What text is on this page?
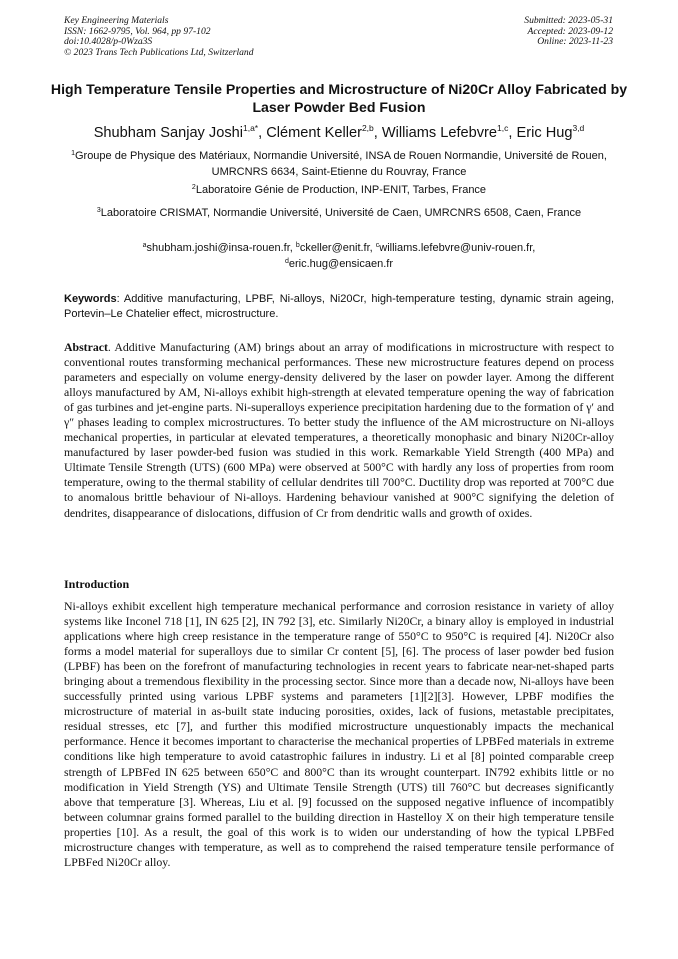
Key Engineering Materials
ISSN: 1662-9795, Vol. 964, pp 97-102
doi:10.4028/p-0Wza3S
© 2023 Trans Tech Publications Ltd, Switzerland
Submitted: 2023-05-31
Accepted: 2023-09-12
Online: 2023-11-23
High Temperature Tensile Properties and Microstructure of Ni20Cr Alloy Fabricated by Laser Powder Bed Fusion
Shubham Sanjay Joshi$^{1,a*}$, Clément Keller$^{2,b}$, Williams Lefebvre$^{1,c}$, Eric Hug$^{3,d}$
$^1$Groupe de Physique des Matériaux, Normandie Université, INSA de Rouen Normandie, Université de Rouen, UMRCNRS 6634, Saint-Etienne du Rouvray, France
$^2$Laboratoire Génie de Production, INP-ENIT, Tarbes, France
$^3$Laboratoire CRISMAT, Normandie Université, Université de Caen, UMRCNRS 6508, Caen, France
$^a$shubham.joshi@insa-rouen.fr, $^b$ckeller@enit.fr, $^c$williams.lefebvre@univ-rouen.fr,
$^d$eric.hug@ensicaen.fr
Keywords: Additive manufacturing, LPBF, Ni-alloys, Ni20Cr, high-temperature testing, dynamic strain ageing, Portevin–Le Chatelier effect, microstructure.
Abstract. Additive Manufacturing (AM) brings about an array of modifications in microstructure with respect to conventional routes transforming mechanical performances. These new microstructure features depend on process parameters and especially on volume energy-density delivered by the laser on powder layer. Among the different alloys manufactured by AM, Ni-alloys exhibit high-strength at elevated temperature opening the way of fabrication of gas turbines and jet-engine parts. Ni-superalloys experience precipitation hardening due to the formation of γ′ and γ″ phases leading to complex microstructures. To better study the influence of the AM microstructure on Ni-alloys mechanical properties, in particular at elevated temperatures, a theoretically monophasic and binary Ni20Cr-alloy manufactured by laser powder-bed fusion was studied in this work. Remarkable Yield Strength (400 MPa) and Ultimate Tensile Strength (UTS) (600 MPa) were observed at 500°C with hardly any loss of properties from room temperature, owing to the thermal stability of cellular dendrites till 700°C. Ductility drop was reported at 700°C due to anomalous brittle behaviour of Ni-alloys. Hardening behaviour vanished at 900°C signifying the deletion of dendrites, disappearance of dislocations, diffusion of Cr from dendritic walls and growth of oxides.
Introduction
Ni-alloys exhibit excellent high temperature mechanical performance and corrosion resistance in variety of alloy systems like Inconel 718 [1], IN 625 [2], IN 792 [3], etc. Similarly Ni20Cr, a binary alloy is employed in industrial applications where high creep resistance in the temperature range of 550°C to 950°C is required [4]. Ni20Cr also forms a model material for superalloys due to similar Cr content [5], [6]. The process of laser powder bed fusion (LPBF) has been on the forefront of manufacturing technologies in recent years to fabricate near-net-shaped parts bringing about a tremendous flexibility in the processing sector. Since more than a decade now, Ni-alloys have been successfully printed using various LPBF systems and parameters [1][2][3]. However, LPBF modifies the microstructure of material in as-built state inducing porosities, oxides, lack of fusions, metastable precipitates, residual stresses, etc [7], and further this modified microstructure unquestionably impacts the mechanical performance. Hence it becomes important to characterise the mechanical properties of LPBFed materials in extreme conditions like high temperature to avoid catastrophic failures in industry. Li et al [8] pointed comparable creep strength of LPBFed IN 625 between 650°C and 800°C than its wrought counterpart. IN792 exhibits little or no modification in Yield Strength (YS) and Ultimate Tensile Strength (UTS) till 760°C but decreases significantly above that temperature [3]. Whereas, Liu et al. [9] focussed on the supposed negative influence of incompatibly between columnar grains formed parallel to the building direction in Hastelloy X on their high temperature tensile properties [10]. As a result, the goal of this work is to widen our understanding of how the typical LPBFed microstructure changes with temperature, as well as to comprehend the raised temperature tensile performance of LPBFed Ni20Cr alloy.
